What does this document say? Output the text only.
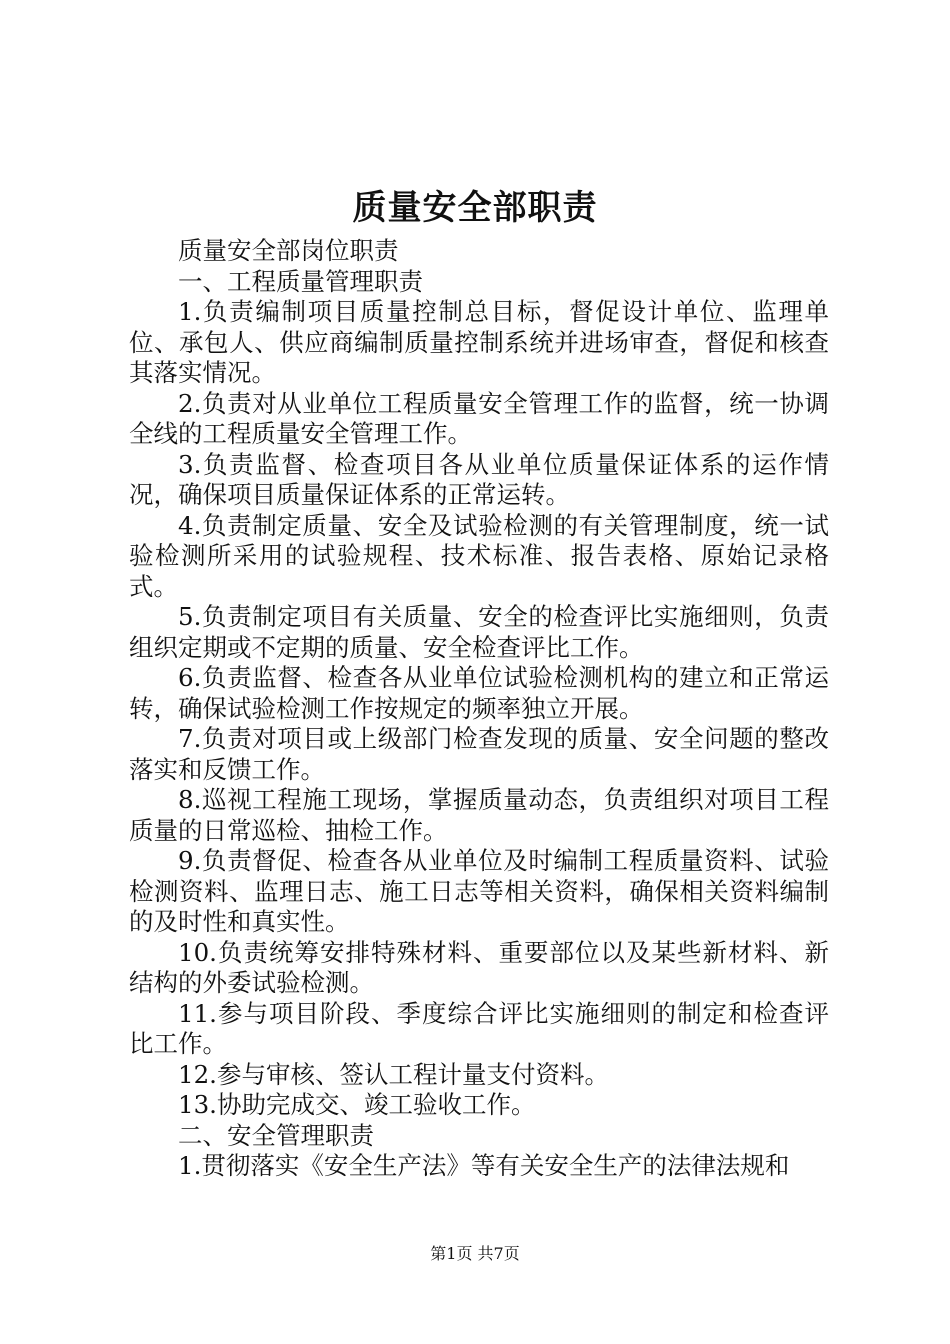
质量安全部职责

质量安全部岗位职责

一、工程质量管理职责

1.负责编制项目质量控制总目标，督促设计单位、监理单位、承包人、供应商编制质量控制系统并进场审查，督促和核查其落实情况。

2.负责对从业单位工程质量安全管理工作的监督，统一协调全线的工程质量安全管理工作。

3.负责监督、检查项目各从业单位质量保证体系的运作情况，确保项目质量保证体系的正常运转。

4.负责制定质量、安全及试验检测的有关管理制度，统一试验检测所采用的试验规程、技术标准、报告表格、原始记录格式。

5.负责制定项目有关质量、安全的检查评比实施细则，负责组织定期或不定期的质量、安全检查评比工作。

6.负责监督、检查各从业单位试验检测机构的建立和正常运转，确保试验检测工作按规定的频率独立开展。

7.负责对项目或上级部门检查发现的质量、安全问题的整改落实和反馈工作。

8.巡视工程施工现场，掌握质量动态，负责组织对项目工程质量的日常巡检、抽检工作。

9.负责督促、检查各从业单位及时编制工程质量资料、试验检测资料、监理日志、施工日志等相关资料，确保相关资料编制的及时性和真实性。

10.负责统筹安排特殊材料、重要部位以及某些新材料、新结构的外委试验检测。

11.参与项目阶段、季度综合评比实施细则的制定和检查评比工作。

12.参与审核、签认工程计量支付资料。

13.协助完成交、竣工验收工作。

二、安全管理职责

1.贯彻落实《安全生产法》等有关安全生产的法律法规和

第1页 共7页
